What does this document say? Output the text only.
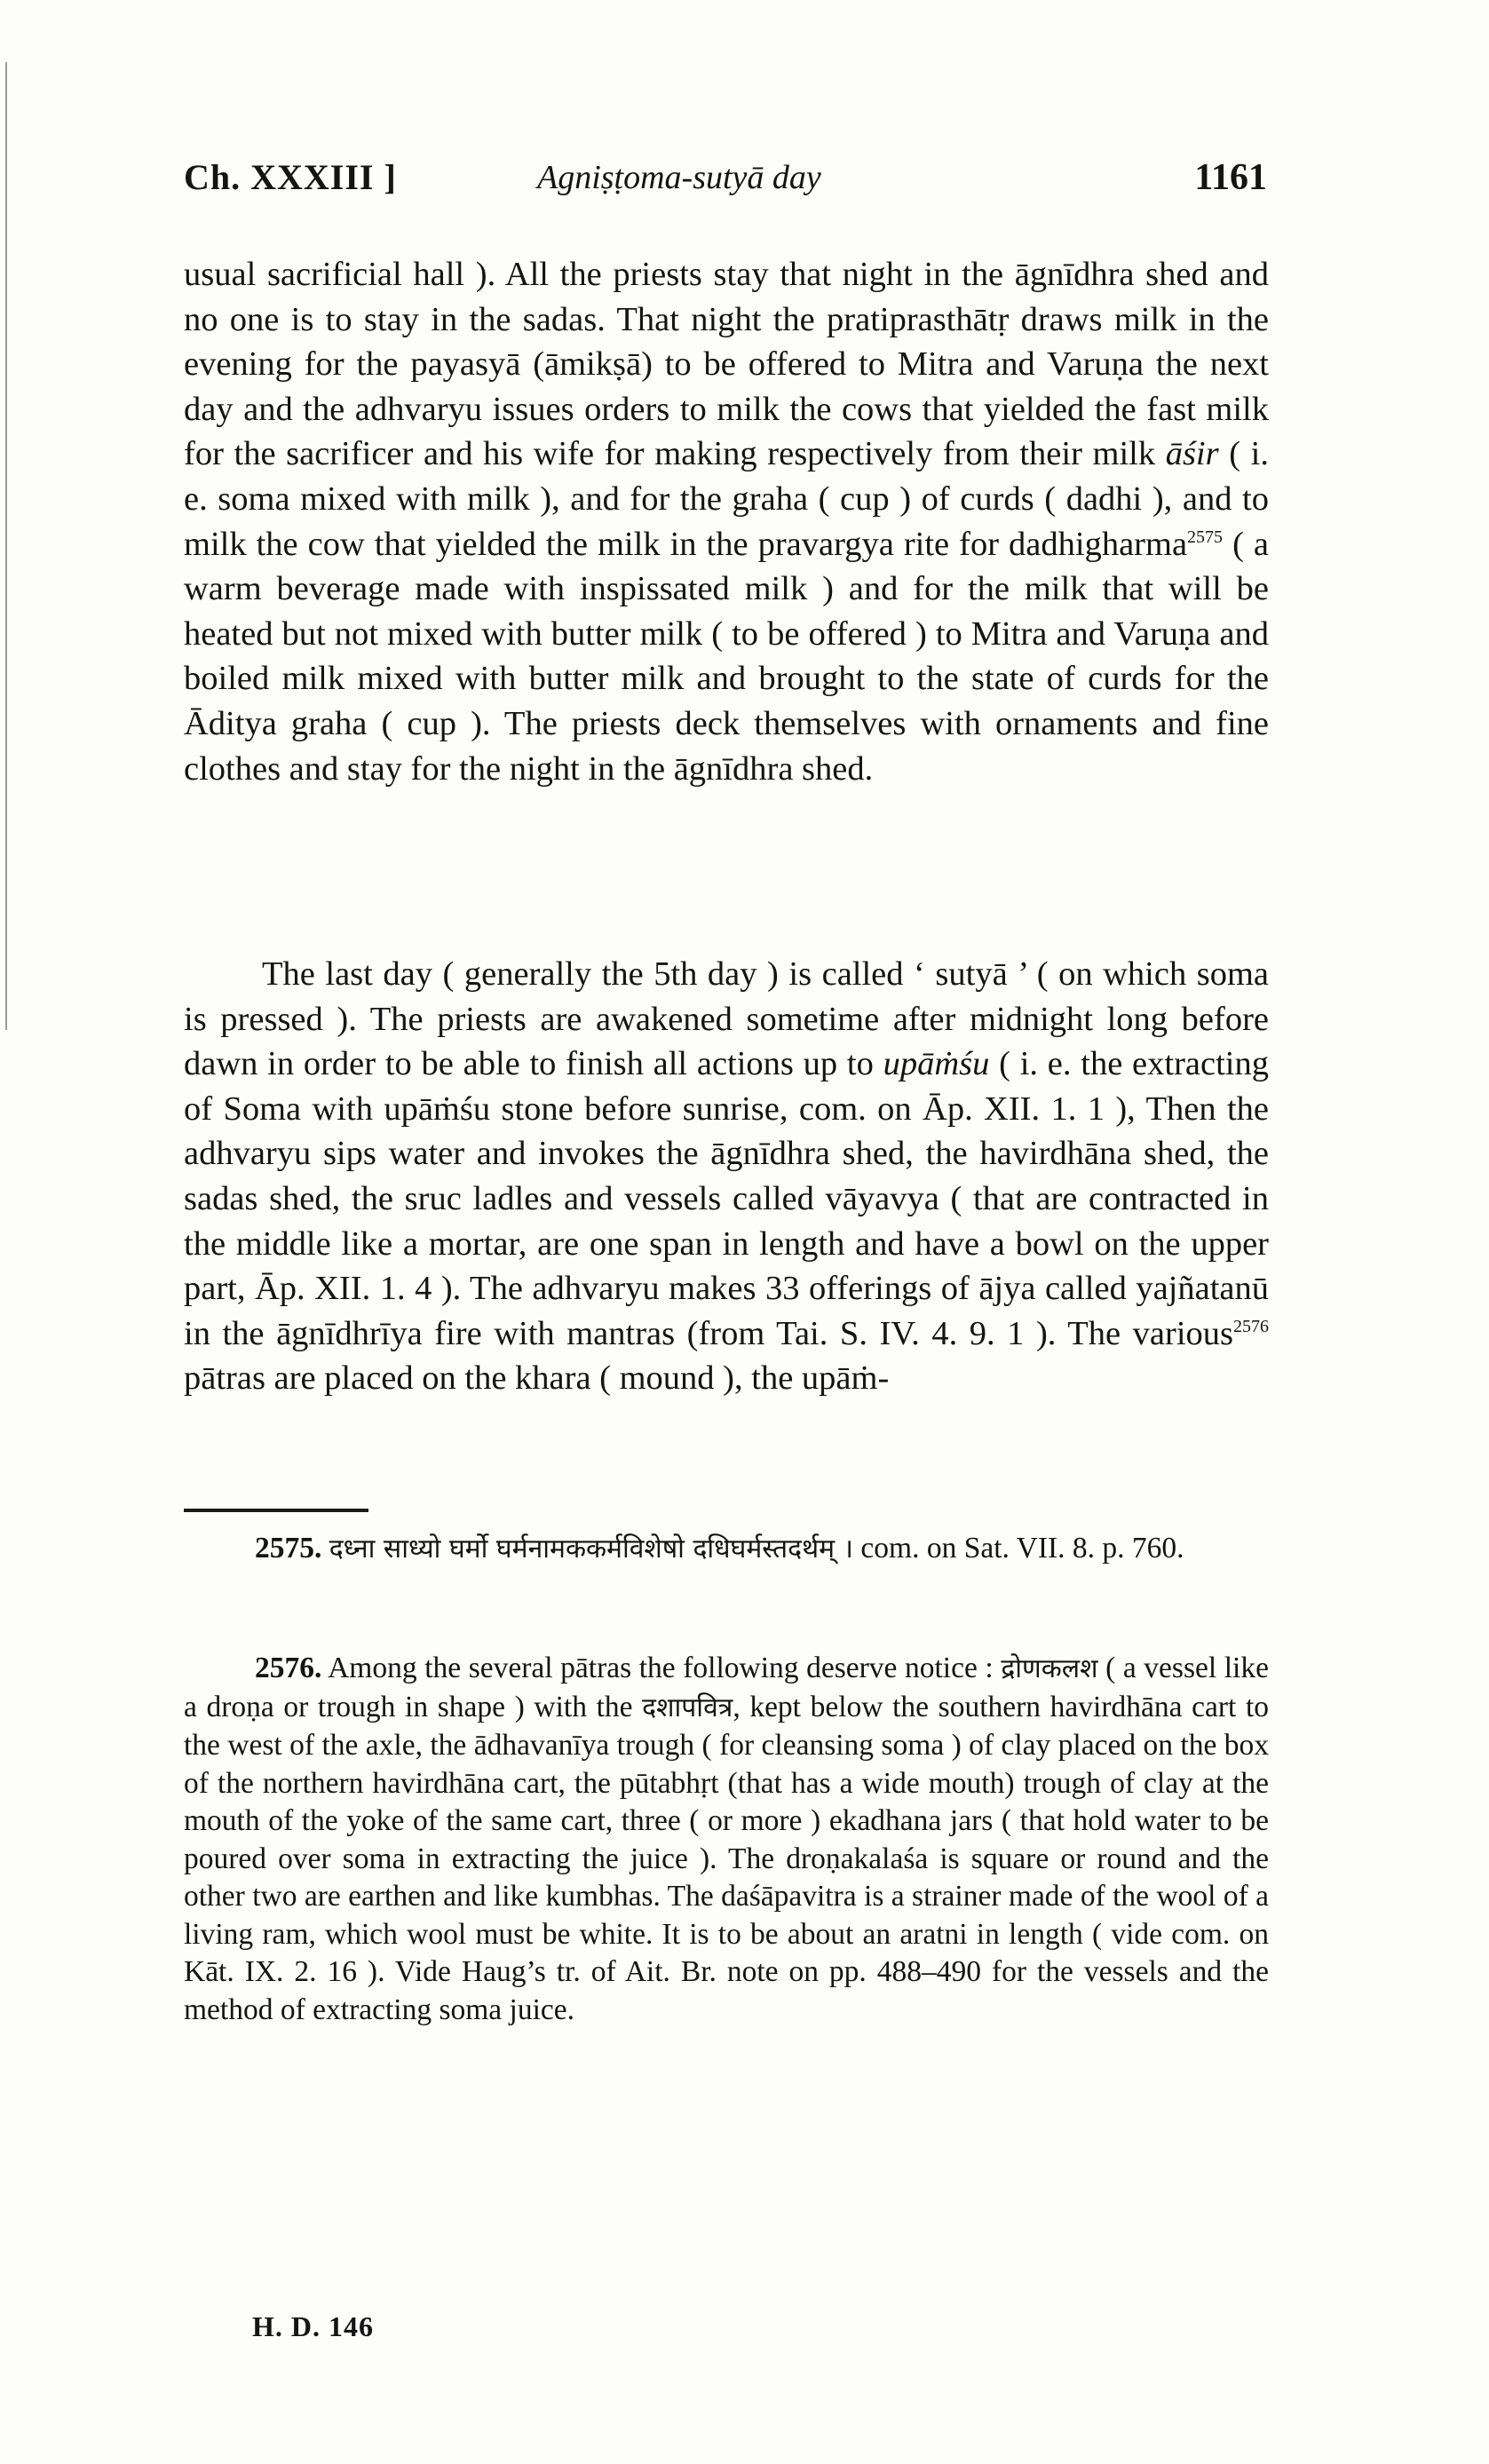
Ch. XXXIII ]	Agniṣṭoma-sutyā day	1161

usual sacrificial hall ). All the priests stay that night in the āgnīdhra shed and no one is to stay in the sadas. That night the pratiprasthātṛ draws milk in the evening for the payasyā (āmikṣā) to be offered to Mitra and Varuṇa the next day and the adhvaryu issues orders to milk the cows that yielded the fast milk for the sacrificer and his wife for making respectively from their milk āśir ( i. e. soma mixed with milk ), and for the graha ( cup ) of curds ( dadhi ), and to milk the cow that yielded the milk in the pravargya rite for dadhigharma$^{2575}$ ( a warm beverage made with inspissated milk ) and for the milk that will be heated but not mixed with butter milk ( to be offered ) to Mitra and Varuṇa and boiled milk mixed with butter milk and brought to the state of curds for the Āditya graha ( cup ). The priests deck themselves with ornaments and fine clothes and stay for the night in the āgnīdhra shed.

The last day ( generally the 5th day ) is called ‘ sutyā ’ ( on which soma is pressed ). The priests are awakened sometime after midnight long before dawn in order to be able to finish all actions up to upāṁśu ( i. e. the extracting of Soma with upāṁśu stone before sunrise, com. on Āp. XII. 1. 1 ), Then the adhvaryu sips water and invokes the āgnīdhra shed, the havirdhāna shed, the sadas shed, the sruc ladles and vessels called vāyavya ( that are contracted in the middle like a mortar, are one span in length and have a bowl on the upper part, Āp. XII. 1. 4 ). The adhvaryu makes 33 offerings of ājya called yajñatanū in the āgnīdhrīya fire with mantras (from Tai. S. IV. 4. 9. 1 ). The various$^{2576}$ pātras are placed on the khara ( mound ), the upāṁ-

2575. दध्ना साध्यो घर्मो घर्मनामककर्मविशेषो दधिघर्मस्तदर्थम् । com. on Sat. VII. 8. p. 760.
2576. Among the several pātras the following deserve notice : द्रोणकलश ( a vessel like a droṇa or trough in shape ) with the दशापवित्र, kept below the southern havirdhāna cart to the west of the axle, the ādhavanīya trough ( for cleansing soma ) of clay placed on the box of the northern havirdhāna cart, the pūtabhṛt (that has a wide mouth) trough of clay at the mouth of the yoke of the same cart, three ( or more ) ekadhana jars ( that hold water to be poured over soma in extracting the juice ). The droṇakalaśa is square or round and the other two are earthen and like kumbhas. The daśāpavitra is a strainer made of the wool of a living ram, which wool must be white. It is to be about an aratni in length ( vide com. on Kāt. IX. 2. 16 ). Vide Haug’s tr. of Ait. Br. note on pp. 488–490 for the vessels and the method of extracting soma juice.
H. D. 146
